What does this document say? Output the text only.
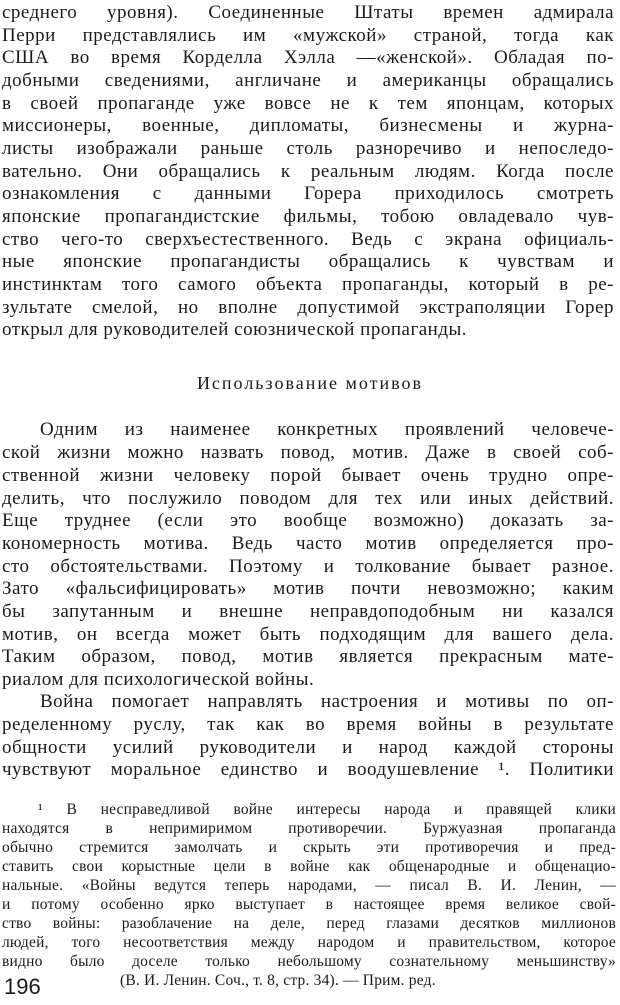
среднего уровня). Соединенные Штаты времен адмирала
Перри представлялись им «мужской» страной, тогда как
США во время Корделла Хэлла —«женской». Обладая по-
добными сведениями, англичане и американцы обращались
в своей пропаганде уже вовсе не к тем японцам, которых
миссионеры, военные, дипломаты, бизнесмены и журна-
листы изображали раньше столь разноречиво и непоследо-
вательно. Они обращались к реальным людям. Когда после
ознакомления с данными Горера приходилось смотреть
японские пропагандистские фильмы, тобою овладевало чув-
ство чего-то сверхъестественного. Ведь с экрана официаль-
ные японские пропагандисты обращались к чувствам и
инстинктам того самого объекта пропаганды, который в ре-
зультате смелой, но вполне допустимой экстраполяции Горер
открыл для руководителей союзнической пропаганды.
Использование мотивов
Одним из наименее конкретных проявлений человече-
ской жизни можно назвать повод, мотив. Даже в своей соб-
ственной жизни человеку порой бывает очень трудно опре-
делить, что послужило поводом для тех или иных действий.
Еще труднее (если это вообще возможно) доказать за-
кономерность мотива. Ведь часто мотив определяется про-
сто обстоятельствами. Поэтому и толкование бывает разное.
Зато «фальсифицировать» мотив почти невозможно; каким
бы запутанным и внешне неправдоподобным ни казался
мотив, он всегда может быть подходящим для вашего дела.
Таким образом, повод, мотив является прекрасным мате-
риалом для психологической войны.
Война помогает направлять настроения и мотивы по оп-
ределенному руслу, так как во время войны в результате
общности усилий руководители и народ каждой стороны
чувствуют моральное единство и воодушевление ¹. Политики
¹ В несправедливой войне интересы народа и правящей клики
находятся в непримиримом противоречии. Буржуазная пропаганда
обычно стремится замолчать и скрыть эти противоречия и пред-
ставить свои корыстные цели в войне как общенародные и общенацио-
нальные. «Войны ведутся теперь народами, — писал В. И. Ленин, —
и потому особенно ярко выступает в настоящее время великое свой-
ство войны: разоблачение на деле, перед глазами десятков миллионов
людей, того несоответствия между народом и правительством, которое
видно было доселе только небольшому сознательному меньшинству»
(В. И. Ленин. Соч., т. 8, стр. 34). — Прим. ред.
196
